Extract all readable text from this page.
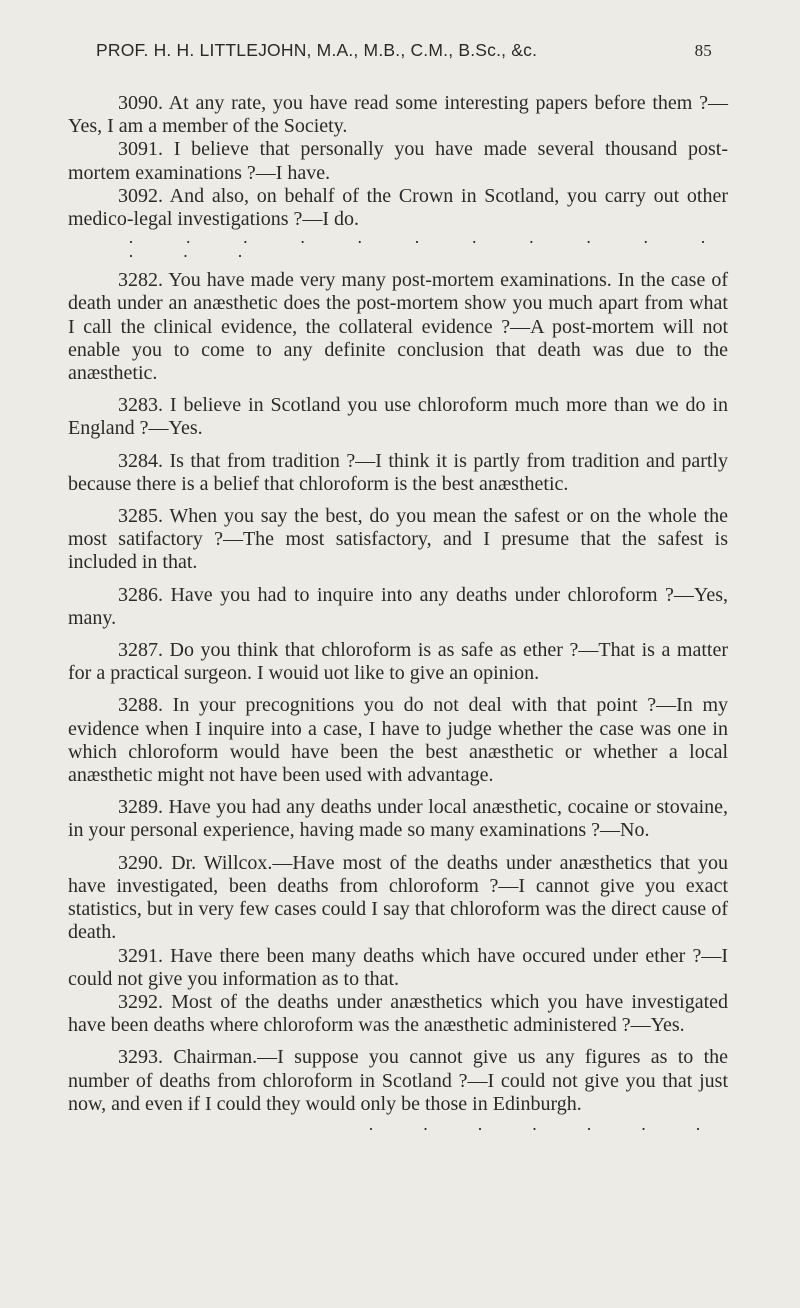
PROF. H. H. LITTLEJOHN, M.A., M.B., C.M., B.Sc., &c.	85

3090. At any rate, you have read some interesting papers before them ?—Yes, I am a member of the Society.

3091. I believe that personally you have made several thousand post-mortem examinations ?—I have.

3092. And also, on behalf of the Crown in Scotland, you carry out other medico-legal investigations ?—I do.

· · · · · · · · · · · · · ·

3282. You have made very many post-mortem examinations. In the case of death under an anæsthetic does the post-mortem show you much apart from what I call the clinical evidence, the collateral evidence ?—A post-mortem will not enable you to come to any definite conclusion that death was due to the anæsthetic.

3283. I believe in Scotland you use chloroform much more than we do in England ?—Yes.

3284. Is that from tradition ?—I think it is partly from tradition and partly because there is a belief that chloroform is the best anæsthetic.

3285. When you say the best, do you mean the safest or on the whole the most satifactory ?—The most satisfactory, and I presume that the safest is included in that.

3286. Have you had to inquire into any deaths under chloroform ?—Yes, many.

3287. Do you think that chloroform is as safe as ether ?—That is a matter for a practical surgeon. I wouid uot like to give an opinion.

3288. In your precognitions you do not deal with that point ?—In my evidence when I inquire into a case, I have to judge whether the case was one in which chloroform would have been the best anæsthetic or whether a local anæsthetic might not have been used with advantage.

3289. Have you had any deaths under local anæsthetic, cocaine or stovaine, in your personal experience, having made so many examinations ?—No.

3290. Dr. Willcox.—Have most of the deaths under anæsthetics that you have investigated, been deaths from chloroform ?—I cannot give you exact statistics, but in very few cases could I say that chloroform was the direct cause of death.

3291. Have there been many deaths which have occured under ether ?—I could not give you information as to that.

3292. Most of the deaths under anæsthetics which you have investigated have been deaths where chloroform was the anæsthetic administered ?—Yes.

3293. Chairman.—I suppose you cannot give us any figures as to the number of deaths from chloroform in Scotland ?—I could not give you that just now, and even if I could they would only be those in Edinburgh.

· · · · · · ·
